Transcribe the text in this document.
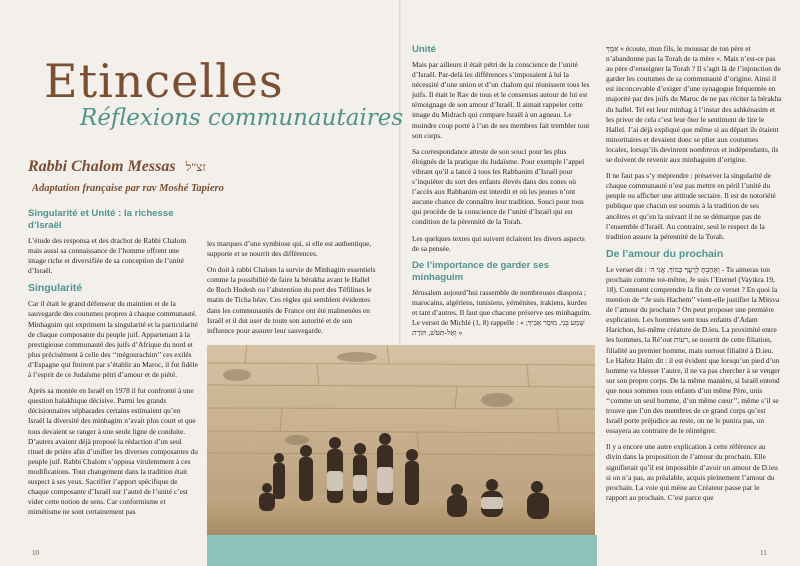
Etincelles
Réflexions communautaires
Rabbi Chalom Messas זצ"ל
Adaptation française par rav Moshé Tapiero
Singularité et Unité : la richesse d’Israël

L’étude des responsa et des drachot de Rabbi Chalom mais aussi sa connaissance de l’homme offrent une image riche et diversifiée de sa conception de l’unité d’Israël.

Singularité

Car il était le grand défenseur du maintien et de la sauvegarde des coutumes propres à chaque communauté. Minhaguim qui expriment la singularité et la particularité de chaque composante du peuple juif. Appartenant à la prestigieuse communauté des juifs d’Afrique du nord et plus précisément à celle des ‘‘mégourachim’’ ces exilés d’Espagne qui finirent par s’établir au Maroc, il fut fidèle à l’esprit de ce Judaïsme pétri d’amour et de piété.

Après sa montée en Israël en 1978 il fut confronté à une question halakhique décisive. Parmi les grands décisionnaires sépharades certains estimaient qu’en Israël la diversité des minhagim n’avait plus court et que tous devaient se ranger à une seule ligne de conduite. D’autres avaient déjà proposé la rédaction d’un seul rituel de prière afin d’unifier les diverses composantes du peuple juif. Rabbi Chalom s’opposa virulemment à ces modifications. Tout changement dans la tradition était suspect à ses yeux. Sacrifier l’apport spécifique de chaque composante d’Israël sur l’autel de l’unité c’est vider cette notion de sens. Car conformisme et mimétisme ne sont certainement pas

les marques d’une symbiose qui, si elle est authentique, supporte et se nourrit des différences.

On doit à rabbi Chalom la survie de Minhagim essentiels comme la possibilité de faire la bérakha avant le Hallel de Roch Hodesh ou l’abstention du port des Téfilines le matin de Ticha béav. Ces règles qui semblent évidentes dans les communautés de France ont été malmenées en Israël et il dut user de toute son autorité et de son influence pour assurer leur sauvegarde.

Unité

Mais par ailleurs il était pétri de la conscience de l’unité d’Israël. Par-delà les différences s’imposaient à lui la nécessité d’une union et d’un chalom qui réunissent tous les juifs. Il était le Rav de tous et le consensus autour de lui est témoignage de son amour d’Israël. Il aimait rappeler cette image du Midrach qui compare Israël à un agneau. Le moindre coup porté à l’un de ses membres fait trembler tout son corps.

Sa correspondance atteste de son souci pour les plus éloignés de la pratique du Judaïsme. Pour exemple l’appel vibrant qu’il a lancé à tous les Rabbanim d’Israël pour s’inquiéter du sort des enfants élevés dans des zones où l’accès aux Rabbanim est interdit et où les jeunes n’ont aucune chance de connaître leur tradition. Souci pour tous qui procède de la conscience de l’unité d’Israël qui est condition de la pérennité de la Torah.

Les quelques textes qui suivent éclairent les divers aspects de sa pensée.

De l’importance de garder ses minhaguim

Jérusalem aujourd’hui rassemble de nombreuses diaspora ; marocains, algériens, tunisiens, yéménites, irakiens, kurdes et tant d’autres. Il faut que chacune préserve ses minhaguim. Le verset de Michlé (1, 8) rappelle : « שְׁמַע בְּנִי, מוּסַר אָבִיךָ; וְאַל-תִּטֹּשׁ, תּוֹרַת »

אִמֶּךָ « écoute, mon fils, le moussar de ton père et n’abandonne pas la Torah de ta mère ». Mais n’est-ce pas au père d’enseigner la Torah ? Il s’agit là de l’injonction de garder les coutumes de sa communauté d’origine. Ainsi il est inconcevable d’exiger d’une synagogue fréquentée en majorité par des juifs du Maroc de ne pas réciter la bérakha du hallel. Tel est leur minhag à l’instar des ashkénasim et les priver de cela c’est leur ôter le sentiment de lire le Hallel. J’ai déjà expliqué que même si au départ ils étaient minoritaires et devaient donc se plier aux coutumes locales, lorsqu’ils devinrent nombreux et indépendants, ils se doivent de revenir aux minhaguim d’origine.

Il ne faut pas s’y méprendre : préserver la singularité de chaque communauté n’est pas mettre en péril l’unité du peuple ou afficher une attitude sectaire. Il est de notoriété publique que chacun est soumis à la tradition de ses ancêtres et qu’en la suivant il ne se démarque pas de l’ensemble d’Israël. Au contraire, seul le respect de la tradition assure la pérennité de la Torah.

De l’amour du prochain

Le verset dit : וְאָהַבְתָּ לְרֵעֲךָ כָּמוֹךָ, אֲנִי ה׳ - Tu aimeras ton prochain comme toi-même, Je suis l’Eternel (Vayikra 19, 18). Comment comprendre la fin de ce verset ? En quoi la mention de ‘‘Je suis Hachem’’ vient-elle justifier la Mitsva de l’amour du prochain ? On peut proposer une première explication. Les hommes sont tous enfants d’Adam Harichon, lui-même créature de D.ieu. La proximité entre les hommes, la Ré’out רעות, se nourrit de cette filiation, filialité au premier homme, mais surtout filialité à D.ieu. Le Hafetz Haïm dit : il est évident que lorsqu’un pied d’un homme va blesser l’autre, il ne va pas chercher à se venger sur son propre corps. De la même manière, si Israël entend que nous sommes tous enfants d’un même Père, unis ‘‘comme un seul homme, d’un même cœur’’, même s’il se trouve que l’un des membres de ce grand corps qu’est Israël porte préjudice au reste, on ne le punira pas, on essayera au contraire de le réintégrer.

Il y a encore une autre explication à cette référence au divin dans la proposition de l’amour du prochain. Elle signifierait qu’il est impossible d’avoir un amour de D.ieu si on n’a pas, au préalable, acquis pleinement l’amour du prochain. La voie qui mène au Créateur passe par le rapport au prochain. C’est parce que

10	11
